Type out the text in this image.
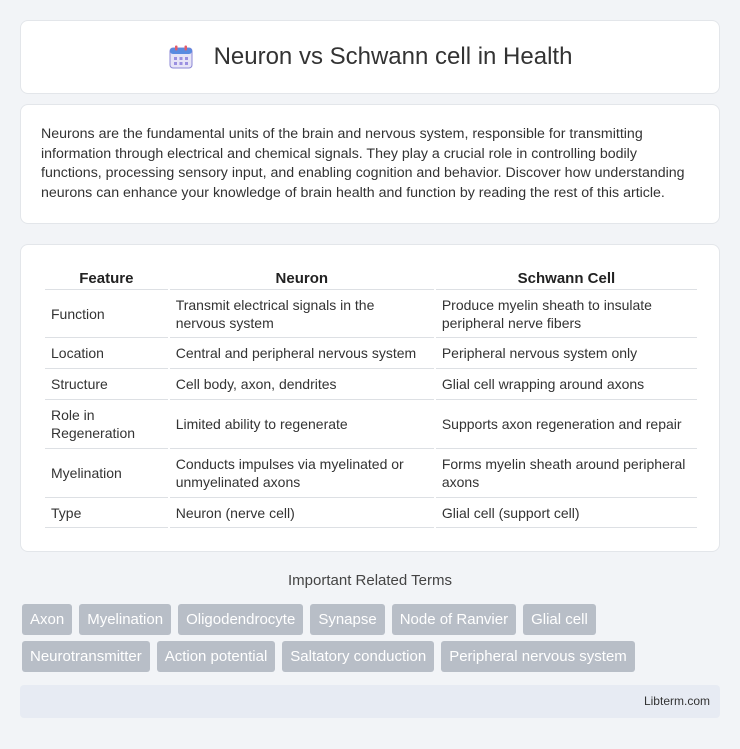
Neuron vs Schwann cell in Health

Neurons are the fundamental units of the brain and nervous system, responsible for transmitting information through electrical and chemical signals. They play a crucial role in controlling bodily functions, processing sensory input, and enabling cognition and behavior. Discover how understanding neurons can enhance your knowledge of brain health and function by reading the rest of this article.

Feature	Neuron	Schwann Cell
Function	Transmit electrical signals in the nervous system	Produce myelin sheath to insulate peripheral nerve fibers
Location	Central and peripheral nervous system	Peripheral nervous system only
Structure	Cell body, axon, dendrites	Glial cell wrapping around axons
Role in Regeneration	Limited ability to regenerate	Supports axon regeneration and repair
Myelination	Conducts impulses via myelinated or unmyelinated axons	Forms myelin sheath around peripheral axons
Type	Neuron (nerve cell)	Glial cell (support cell)
Important Related Terms
Axon	Myelination	Oligodendrocyte	Synapse	Node of Ranvier	Glial cell
Neurotransmitter	Action potential	Saltatory conduction	Peripheral nervous system
Libterm.com
